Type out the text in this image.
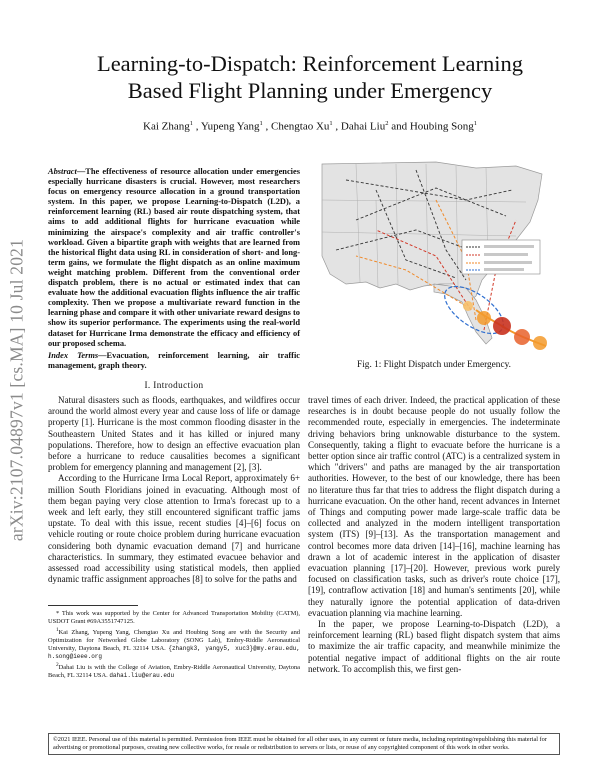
arXiv:2107.04897v1 [cs.MA] 10 Jul 2021
Learning-to-Dispatch: Reinforcement Learning
Based Flight Planning under Emergency
Kai Zhang$^1$ , Yupeng Yang$^1$ , Chengtao Xu$^1$ , Dahai Liu$^2$ and Houbing Song$^1$
Abstract—The effectiveness of resource allocation under emergencies especially hurricane disasters is crucial. However, most researchers focus on emergency resource allocation in a ground transportation system. In this paper, we propose Learning-to-Dispatch (L2D), a reinforcement learning (RL) based air route dispatching system, that aims to add additional flights for hurricane evacuation while minimizing the airspace's complexity and air traffic controller's workload. Given a bipartite graph with weights that are learned from the historical flight data using RL in consideration of short- and long-term gains, we formulate the flight dispatch as an online maximum weight matching problem. Different from the conventional order dispatch problem, there is no actual or estimated index that can evaluate how the additional evacuation flights influence the air traffic complexity. Then we propose a multivariate reward function in the learning phase and compare it with other univariate reward designs to show its superior performance. The experiments using the real-world dataset for Hurricane Irma demonstrate the efficacy and efficiency of our proposed schema.
Index Terms—Evacuation, reinforcement learning, air traffic management, graph theory.
I. Introduction

Natural disasters such as floods, earthquakes, and wildfires occur around the world almost every year and cause loss of life or damage property [1]. Hurricane is the most common flooding disaster in the Southeastern United States and it has killed or injured many populations. Therefore, how to design an effective evacuation plan before a hurricane to reduce causalities becomes a significant problem for emergency planning and management [2], [3].

According to the Hurricane Irma Local Report, approximately 6+ million South Floridians joined in evacuating. Although most of them began paying very close attention to Irma's forecast up to a week and left early, they still encountered significant traffic jams upstate. To deal with this issue, recent studies [4]–[6] focus on vehicle routing or route choice problem during hurricane evacuation considering both dynamic evacuation demand [7] and hurricane characteristics. In summary, they estimated evacuee behavior and assessed road accessibility using statistical models, then applied dynamic traffic assignment approaches [8] to solve for the paths and

* This work was supported by the Center for Advanced Transportation Mobility (CATM), USDOT Grant #69A3551747125.

$^1$Kai Zhang, Yupeng Yang, Chengtao Xu and Houbing Song are with the Security and Optimization for Networked Globe Laboratory (SONG Lab), Embry-Riddle Aeronautical University, Daytona Beach, FL 32114 USA. {zhangk3, yangy5, xuc3}@my.erau.edu, h.song@ieee.org

$^2$Dahai Liu is with the College of Aviation, Embry-Riddle Aeronautical University, Daytona Beach, FL 32114 USA. dahai.liu@erau.edu

Fig. 1: Flight Dispatch under Emergency.

travel times of each driver. Indeed, the practical application of these researches is in doubt because people do not usually follow the recommended route, especially in emergencies. The indeterminate driving behaviors bring unknowable disturbance to the system. Consequently, taking a flight to evacuate before the hurricane is a better option since air traffic control (ATC) is a centralized system in which "drivers" and paths are managed by the air transportation authorities. However, to the best of our knowledge, there has been no literature thus far that tries to address the flight dispatch during a hurricane evacuation. On the other hand, recent advances in Internet of Things and computing power made large-scale traffic data be collected and analyzed in the modern intelligent transportation system (ITS) [9]–[13]. As the transportation management and control becomes more data driven [14]–[16], machine learning has drawn a lot of academic interest in the application of disaster evacuation planning [17]–[20]. However, previous work purely focused on classification tasks, such as driver's route choice [17], [19], contraflow activation [18] and human's sentiments [20], while they naturally ignore the potential application of data-driven evacuation planning via machine learning.

In the paper, we propose Learning-to-Dispatch (L2D), a reinforcement learning (RL) based flight dispatch system that aims to maximize the air traffic capacity, and meanwhile minimize the potential negative impact of additional flights on the air route network. To accomplish this, we first gen-

©2021 IEEE. Personal use of this material is permitted. Permission from IEEE must be obtained for all other uses, in any current or future media, including reprinting/republishing this material for advertising or promotional purposes, creating new collective works, for resale or redistribution to servers or lists, or reuse of any copyrighted component of this work in other works.
